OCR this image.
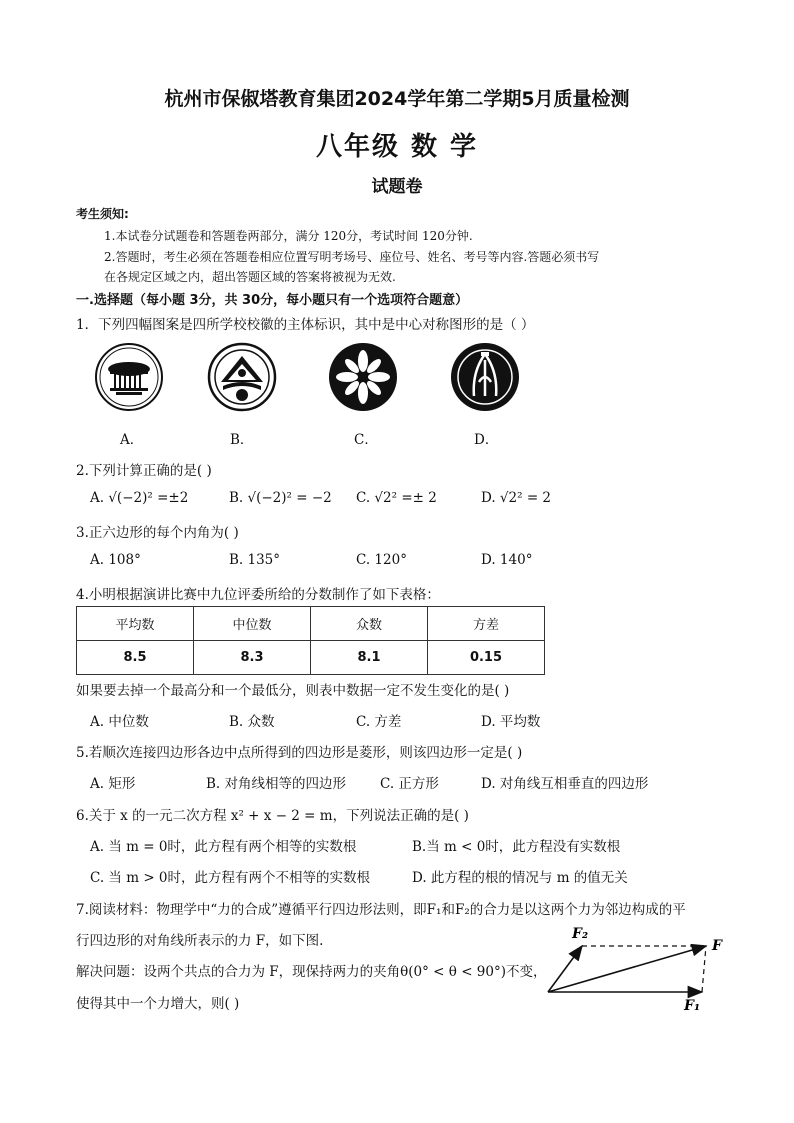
杭州市保俶塔教育集团2024学年第二学期5月质量检测
八年级 数 学
试题卷
考生须知:
1.本试卷分试题卷和答题卷两部分，满分 120分，考试时间 120分钟.
2.答题时，考生必须在答题卷相应位置写明考场号、座位号、姓名、考号等内容.答题必须书写
在各规定区域之内，超出答题区域的答案将被视为无效.
一.选择题（每小题 3分，共 30分，每小题只有一个选项符合题意）
1．下列四幅图案是四所学校校徽的主体标识，其中是中心对称图形的是（ ）
A．	B．	C．	D．
2.下列计算正确的是( )
A. √(−2)² =±2	B. √(−2)² = −2 C. √2² =± 2	D. √2² = 2
3.正六边形的每个内角为( )
A. 108°	B. 135°	C. 120°	D. 140°
4.小明根据演讲比赛中九位评委所给的分数制作了如下表格：
平均数	中位数	众数	方差
8.5	8.3	8.1	0.15
如果要去掉一个最高分和一个最低分，则表中数据一定不发生变化的是( )
A. 中位数	B. 众数	C. 方差	D. 平均数
5.若顺次连接四边形各边中点所得到的四边形是菱形，则该四边形一定是( )
A. 矩形	B. 对角线相等的四边形	C. 正方形	D. 对角线互相垂直的四边形
6.关于 x 的一元二次方程 x² + x − 2 = m，下列说法正确的是( )
A. 当 m = 0时，此方程有两个相等的实数根	B.当 m < 0时，此方程没有实数根
C. 当 m > 0时，此方程有两个不相等的实数根	D. 此方程的根的情况与 m 的值无关
7.阅读材料：物理学中“力的合成”遵循平行四边形法则，即F₁和F₂的合力是以这两个力为邻边构成的平
行四边形的对角线所表示的力 F，如下图.
解决问题：设两个共点的合力为 F，现保持两力的夹角θ(0° < θ < 90°)不变，
使得其中一个力增大，则( )
F₂
F
F₁
